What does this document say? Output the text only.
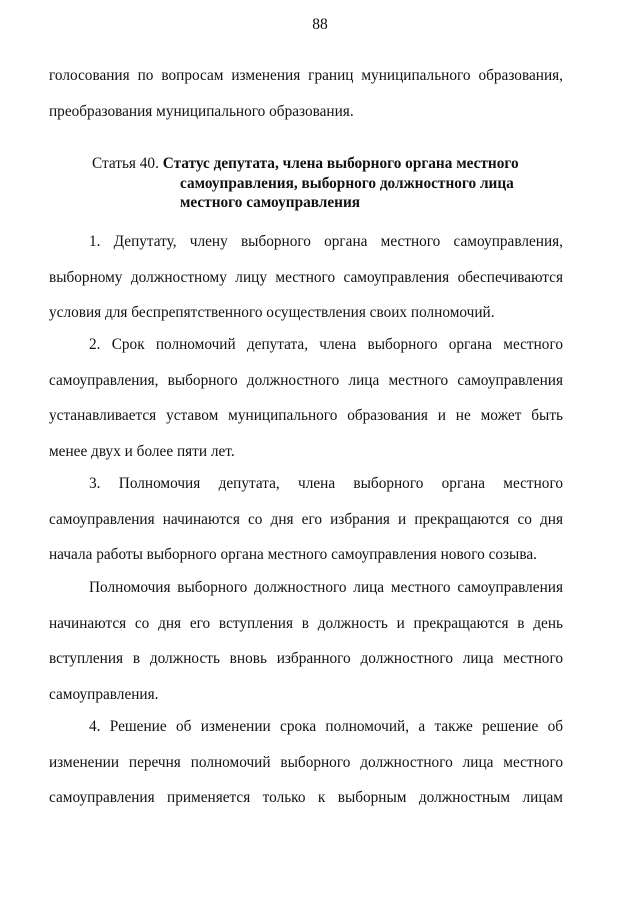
88
голосования по вопросам изменения границ муниципального образования,
преобразования муниципального образования.
Статья 40. Статус депутата, члена выборного органа местного
самоуправления, выборного должностного лица
местного самоуправления
1. Депутату, члену выборного органа местного самоуправления,
выборному должностному лицу местного самоуправления обеспечиваются
условия для беспрепятственного осуществления своих полномочий.
2. Срок полномочий депутата, члена выборного органа местного
самоуправления, выборного должностного лица местного самоуправления
устанавливается уставом муниципального образования и не может быть
менее двух и более пяти лет.
3. Полномочия депутата, члена выборного органа местного
самоуправления начинаются со дня его избрания и прекращаются со дня
начала работы выборного органа местного самоуправления нового созыва.
Полномочия выборного должностного лица местного самоуправления
начинаются со дня его вступления в должность и прекращаются в день
вступления в должность вновь избранного должностного лица местного
самоуправления.
4. Решение об изменении срока полномочий, а также решение об
изменении перечня полномочий выборного должностного лица местного
самоуправления применяется только к выборным должностным лицам
